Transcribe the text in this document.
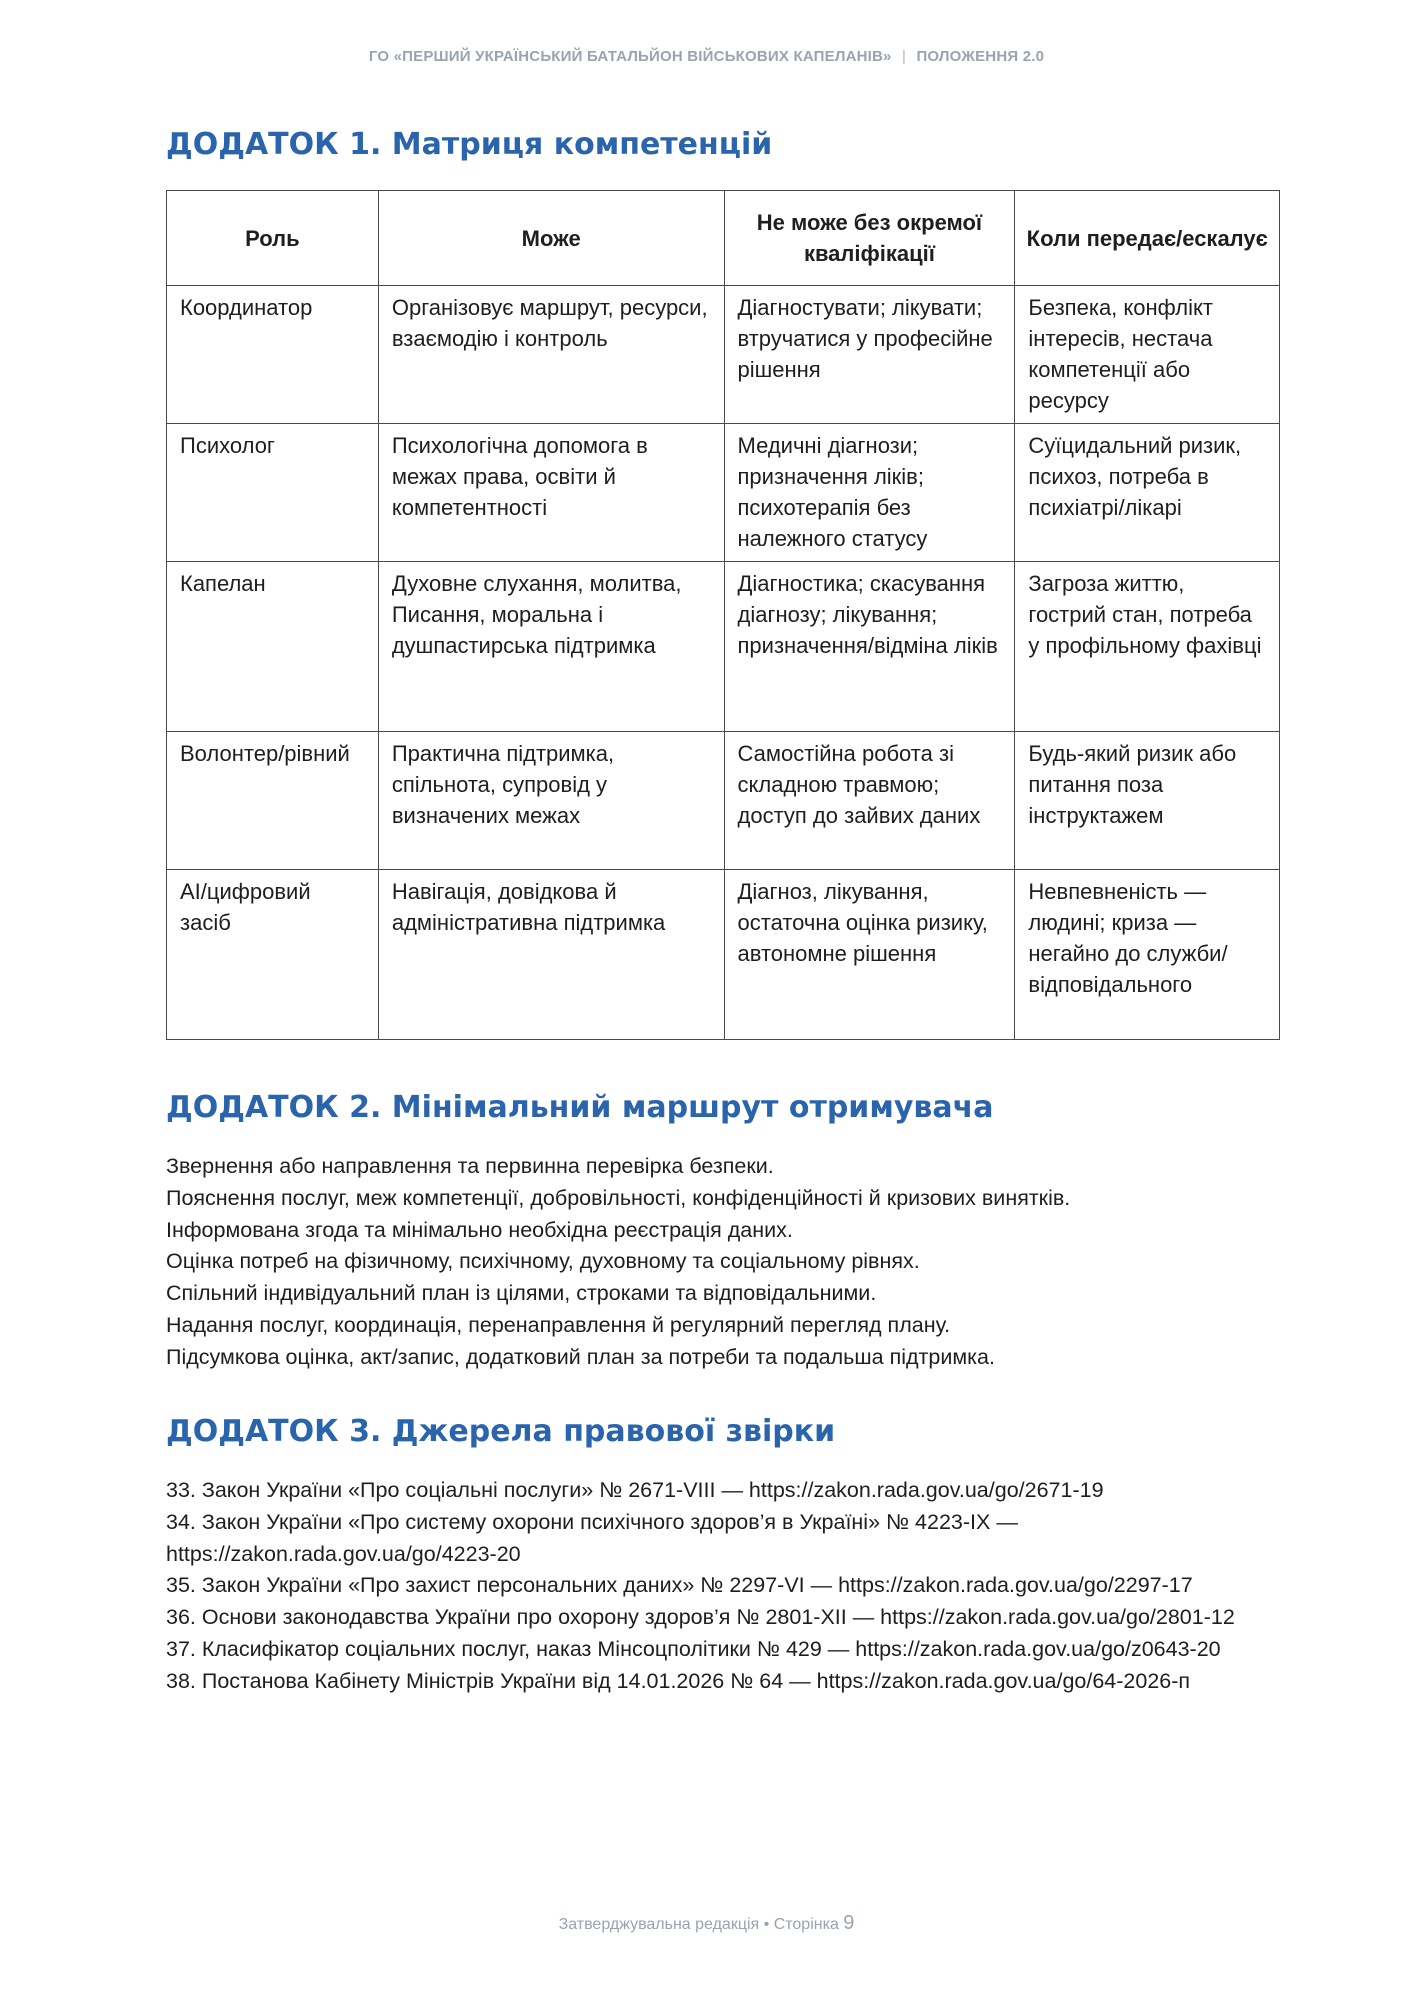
ГО «ПЕРШИЙ УКРАЇНСЬКИЙ БАТАЛЬЙОН ВІЙСЬКОВИХ КАПЕЛАНІВ» | ПОЛОЖЕННЯ 2.0
ДОДАТОК 1. Матриця компетенцій
Роль	Може	Не може без окремої кваліфікації	Коли передає/ескалує
Координатор	Організовує маршрут, ресурси, взаємодію і контроль	Діагностувати; лікувати; втручатися у професійне рішення	Безпека, конфлікт інтересів, нестача компетенції або ресурсу
Психолог	Психологічна допомога в межах права, освіти й компетентності	Медичні діагнози; призначення ліків; психотерапія без належного статусу	Суїцидальний ризик, психоз, потреба в психіатрі/лікарі
Капелан	Духовне слухання, молитва, Писання, моральна і душпастирська підтримка	Діагностика; скасування діагнозу; лікування; призначення/відміна ліків	Загроза життю, гострий стан, потреба у профільному фахівці
Волонтер/рівний	Практична підтримка, спільнота, супровід у визначених межах	Самостійна робота зі складною травмою; доступ до зайвих даних	Будь-який ризик або питання поза інструктажем
AI/цифровий засіб	Навігація, довідкова й адміністративна підтримка	Діагноз, лікування, остаточна оцінка ризику, автономне рішення	Невпевненість — людині; криза — негайно до служби/відповідального
ДОДАТОК 2. Мінімальний маршрут отримувача

Звернення або направлення та первинна перевірка безпеки.

Пояснення послуг, меж компетенції, добровільності, конфіденційності й кризових винятків.

Інформована згода та мінімально необхідна реєстрація даних.

Оцінка потреб на фізичному, психічному, духовному та соціальному рівнях.

Спільний індивідуальний план із цілями, строками та відповідальними.

Надання послуг, координація, перенаправлення й регулярний перегляд плану.

Підсумкова оцінка, акт/запис, додатковий план за потреби та подальша підтримка.

ДОДАТОК 3. Джерела правової звірки

33. Закон України «Про соціальні послуги» № 2671-VIII — https://zakon.rada.gov.ua/go/2671-19

34. Закон України «Про систему охорони психічного здоров’я в Україні» № 4223-IX — https://zakon.rada.gov.ua/go/4223-20

35. Закон України «Про захист персональних даних» № 2297-VI — https://zakon.rada.gov.ua/go/2297-17

36. Основи законодавства України про охорону здоров’я № 2801-XII — https://zakon.rada.gov.ua/go/2801-12

37. Класифікатор соціальних послуг, наказ Мінсоцполітики № 429 — https://zakon.rada.gov.ua/go/z0643-20

38. Постанова Кабінету Міністрів України від 14.01.2026 № 64 — https://zakon.rada.gov.ua/go/64-2026-п

Затверджувальна редакція • Сторінка 9
